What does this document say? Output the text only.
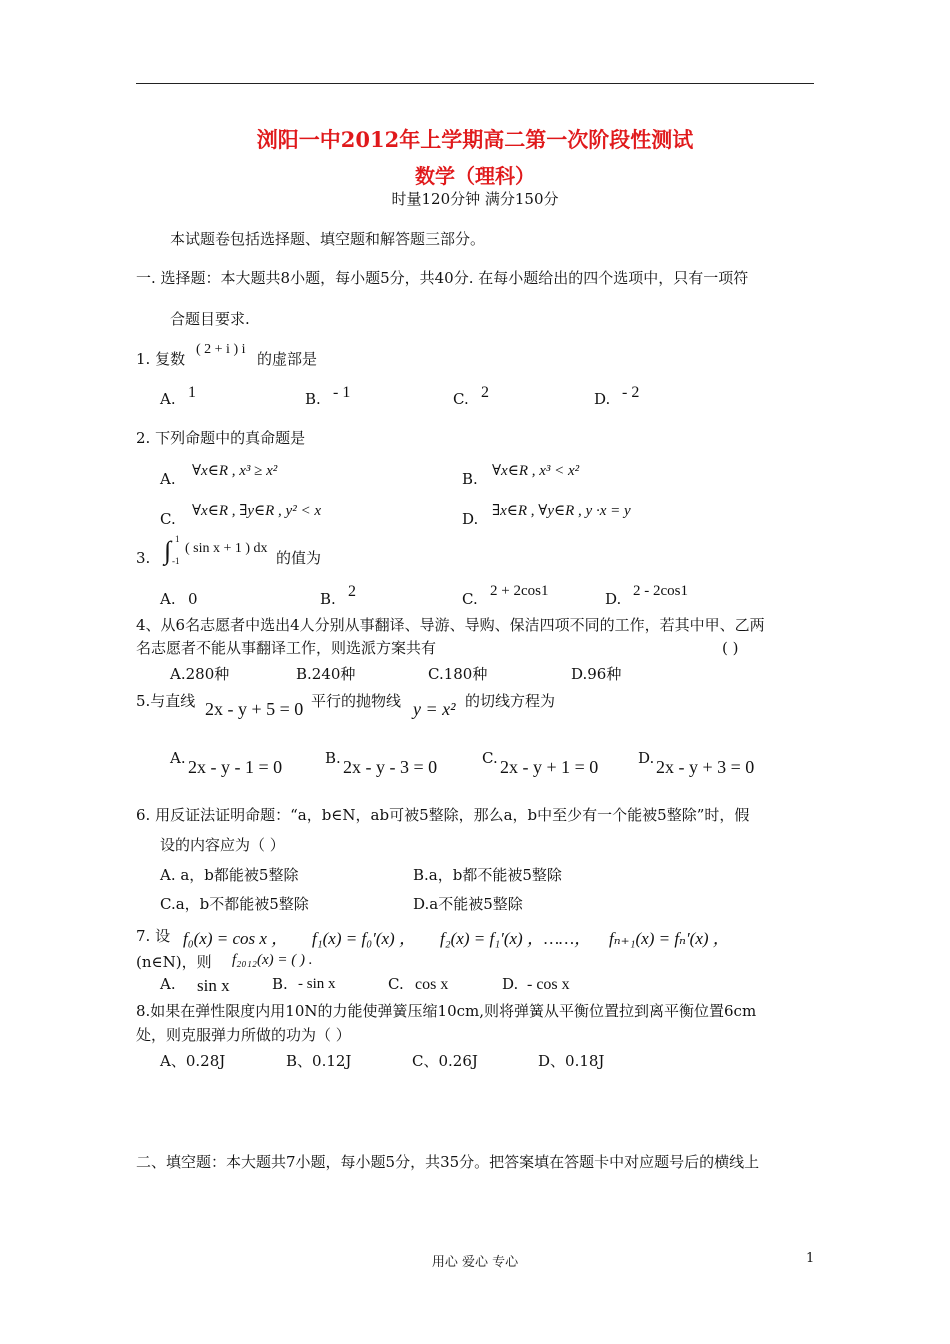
浏阳一中2012年上学期高二第一次阶段性测试
数学（理科）
时量120分钟 满分150分
本试题卷包括选择题、填空题和解答题三部分。
一. 选择题：本大题共8小题，每小题5分，共40分. 在每小题给出的四个选项中，只有一项符
合题目要求.
1. 复数
( 2 + i ) i
的虚部是
A. 1	B. - 1	C. 2	D. - 2
2. 下列命题中的真命题是
A. ∀x∈R , x³ ≥ x²	B. ∀x∈R , x³ < x²
C. ∀x∈R , ∃y∈R , y² < x	D. ∃x∈R , ∀y∈R , y ·x = y
3. ∫ 1
-1
( sin x + 1 ) dx
的值为
A. 0	B. 2	C. 2 + 2cos1	D. 2 - 2cos1
4、从6名志愿者中选出4人分别从事翻译、导游、导购、保洁四项不同的工作，若其中甲、乙两
名志愿者不能从事翻译工作，则选派方案共有	( )
A.280种	B.240种	C.180种	D.96种
5.与直线 2x - y + 5 = 0 平行的抛物线 y = x² 的切线方程为
A. 2x - y - 1 = 0	B. 2x - y - 3 = 0	C. 2x - y + 1 = 0	D. 2x - y + 3 = 0
6. 用反证法证明命题：“a，b∈N，ab可被5整除，那么a，b中至少有一个能被5整除”时，假
设的内容应为（ ）
A. a，b都能被5整除	B.a，b都不能被5整除
C.a，b不都能被5整除	D.a不能被5整除
7. 设 f₀(x) = cos x ， f₁(x) = f₀′(x) ， f₂(x) = f₁′(x) ，……， fₙ₊₁(x) = fₙ′(x) ，
(n∈N)，则 f₂₀₁₂(x) = ( ) .
A. sin x	B. - sin x	C. cos x	D. - cos x
8.如果在弹性限度内用10N的力能使弹簧压缩10cm,则将弹簧从平衡位置拉到离平衡位置6cm
处，则克服弹力所做的功为（ ）
A、0.28J	B、0.12J	C、0.26J	D、0.18J
二、填空题：本大题共7小题，每小题5分，共35分。把答案填在答题卡中对应题号后的横线上
用心 爱心 专心	1
